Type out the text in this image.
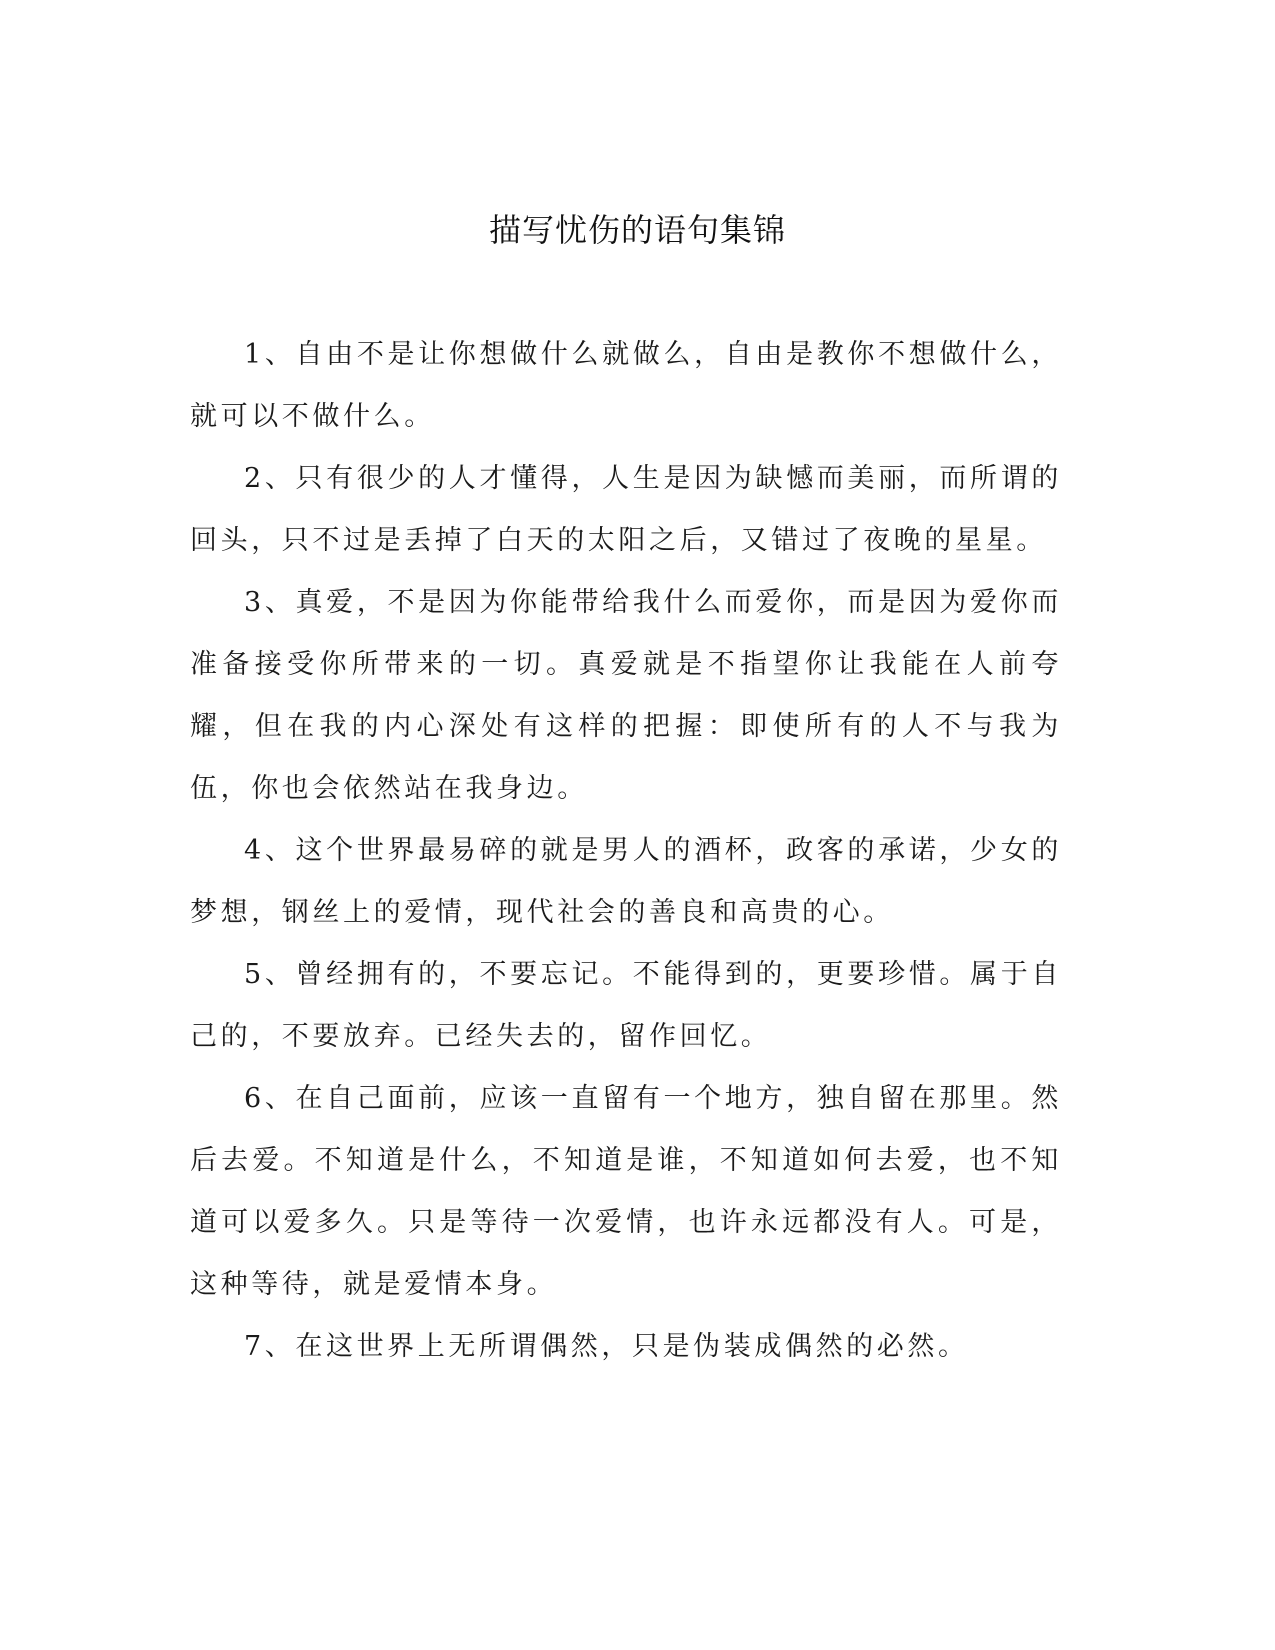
描写忧伤的语句集锦

1、自由不是让你想做什么就做么，自由是教你不想做什么，就可以不做什么。

2、只有很少的人才懂得，人生是因为缺憾而美丽，而所谓的回头，只不过是丢掉了白天的太阳之后，又错过了夜晚的星星。

3、真爱，不是因为你能带给我什么而爱你，而是因为爱你而准备接受你所带来的一切。真爱就是不指望你让我能在人前夸耀，但在我的内心深处有这样的把握：即使所有的人不与我为伍，你也会依然站在我身边。

4、这个世界最易碎的就是男人的酒杯，政客的承诺，少女的梦想，钢丝上的爱情，现代社会的善良和高贵的心。

5、曾经拥有的，不要忘记。不能得到的，更要珍惜。属于自己的，不要放弃。已经失去的，留作回忆。

6、在自己面前，应该一直留有一个地方，独自留在那里。然后去爱。不知道是什么，不知道是谁，不知道如何去爱，也不知道可以爱多久。只是等待一次爱情，也许永远都没有人。可是，这种等待，就是爱情本身。

7、在这世界上无所谓偶然，只是伪装成偶然的必然。
